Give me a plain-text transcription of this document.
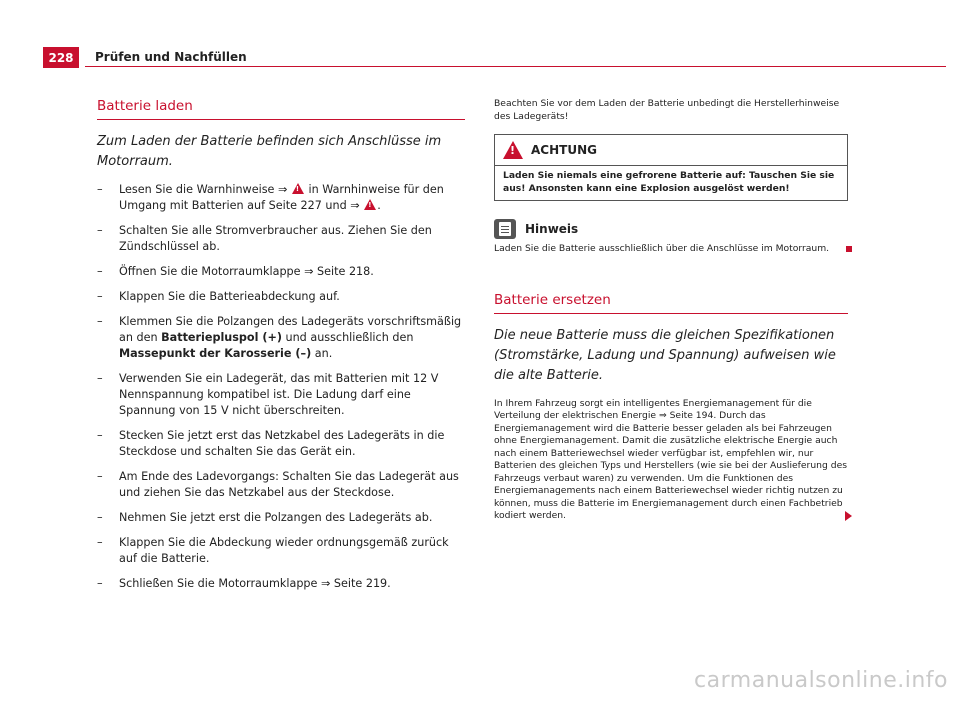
228	Prüfen und Nachfüllen
Batterie laden

Zum Laden der Batterie befinden sich Anschlüsse im Motorraum.

– Lesen Sie die Warnhinweise ⇒ ! in Warnhinweise für den Umgang mit Batterien auf Seite 227 und ⇒ !.
– Schalten Sie alle Stromverbraucher aus. Ziehen Sie den Zündschlüssel ab.
– Öffnen Sie die Motorraumklappe ⇒ Seite 218.
– Klappen Sie die Batterieabdeckung auf.
– Klemmen Sie die Polzangen des Ladegeräts vorschriftsmäßig an den Batteriepluspol (+) und ausschließlich den Massepunkt der Karosserie (–) an.
– Verwenden Sie ein Ladegerät, das mit Batterien mit 12 V Nennspannung kompatibel ist. Die Ladung darf eine Spannung von 15 V nicht überschreiten.
– Stecken Sie jetzt erst das Netzkabel des Ladegeräts in die Steckdose und schalten Sie das Gerät ein.
– Am Ende des Ladevorgangs: Schalten Sie das Ladegerät aus und ziehen Sie das Netzkabel aus der Steckdose.
– Nehmen Sie jetzt erst die Polzangen des Ladegeräts ab.
– Klappen Sie die Abdeckung wieder ordnungsgemäß zurück auf die Batterie.
– Schließen Sie die Motorraumklappe ⇒ Seite 219.

Beachten Sie vor dem Laden der Batterie unbedingt die Herstellerhinweise des Ladegeräts!

!
ACHTUNG
Laden Sie niemals eine gefrorene Batterie auf: Tauschen Sie sie aus! Ansonsten kann eine Explosion ausgelöst werden!
Hinweis

Laden Sie die Batterie ausschließlich über die Anschlüsse im Motorraum.

Batterie ersetzen

Die neue Batterie muss die gleichen Spezifikationen (Stromstärke, Ladung und Spannung) aufweisen wie die alte Batterie.

In Ihrem Fahrzeug sorgt ein intelligentes Energiemanagement für die Verteilung der elektrischen Energie ⇒ Seite 194. Durch das Energiemanagement wird die Batterie besser geladen als bei Fahrzeugen ohne Energiemanagement. Damit die zusätzliche elektrische Energie auch nach einem Batteriewechsel wieder verfügbar ist, empfehlen wir, nur Batterien des gleichen Typs und Herstellers (wie sie bei der Auslieferung des Fahrzeugs verbaut waren) zu verwenden. Um die Funktionen des Energiemanagements nach einem Batteriewechsel wieder richtig nutzen zu können, muss die Batterie im Energiemanagement durch einen Fachbetrieb kodiert werden.

carmanualsonline.info
